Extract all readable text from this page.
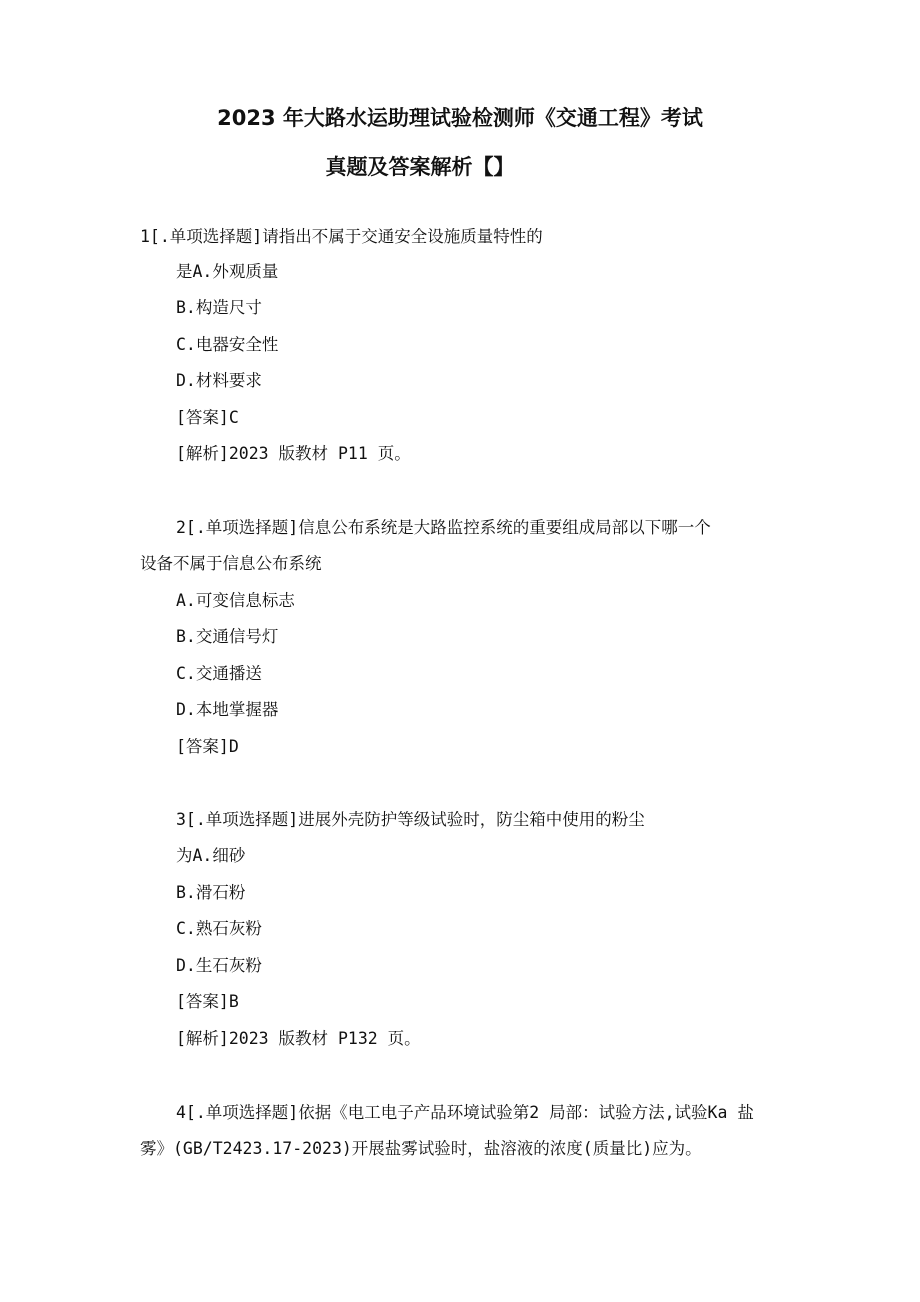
2023 年大路水运助理试验检测师《交通工程》考试
真题及答案解析【】
1[.单项选择题]请指出不属于交通安全设施质量特性的
是A.外观质量
B.构造尺寸
C.电器安全性
D.材料要求
[答案]C
[解析]2023 版教材 P11 页。
2[.单项选择题]信息公布系统是大路监控系统的重要组成局部以下哪一个
设备不属于信息公布系统
A.可变信息标志
B.交通信号灯
C.交通播送
D.本地掌握器
[答案]D
3[.单项选择题]进展外壳防护等级试验时，防尘箱中使用的粉尘
为A.细砂
B.滑石粉
C.熟石灰粉
D.生石灰粉
[答案]B
[解析]2023 版教材 P132 页。
4[.单项选择题]依据《电工电子产品环境试验第2 局部：试验方法,试验Ka 盐
雾》(GB/T2423.17-2023)开展盐雾试验时，盐溶液的浓度(质量比)应为。
